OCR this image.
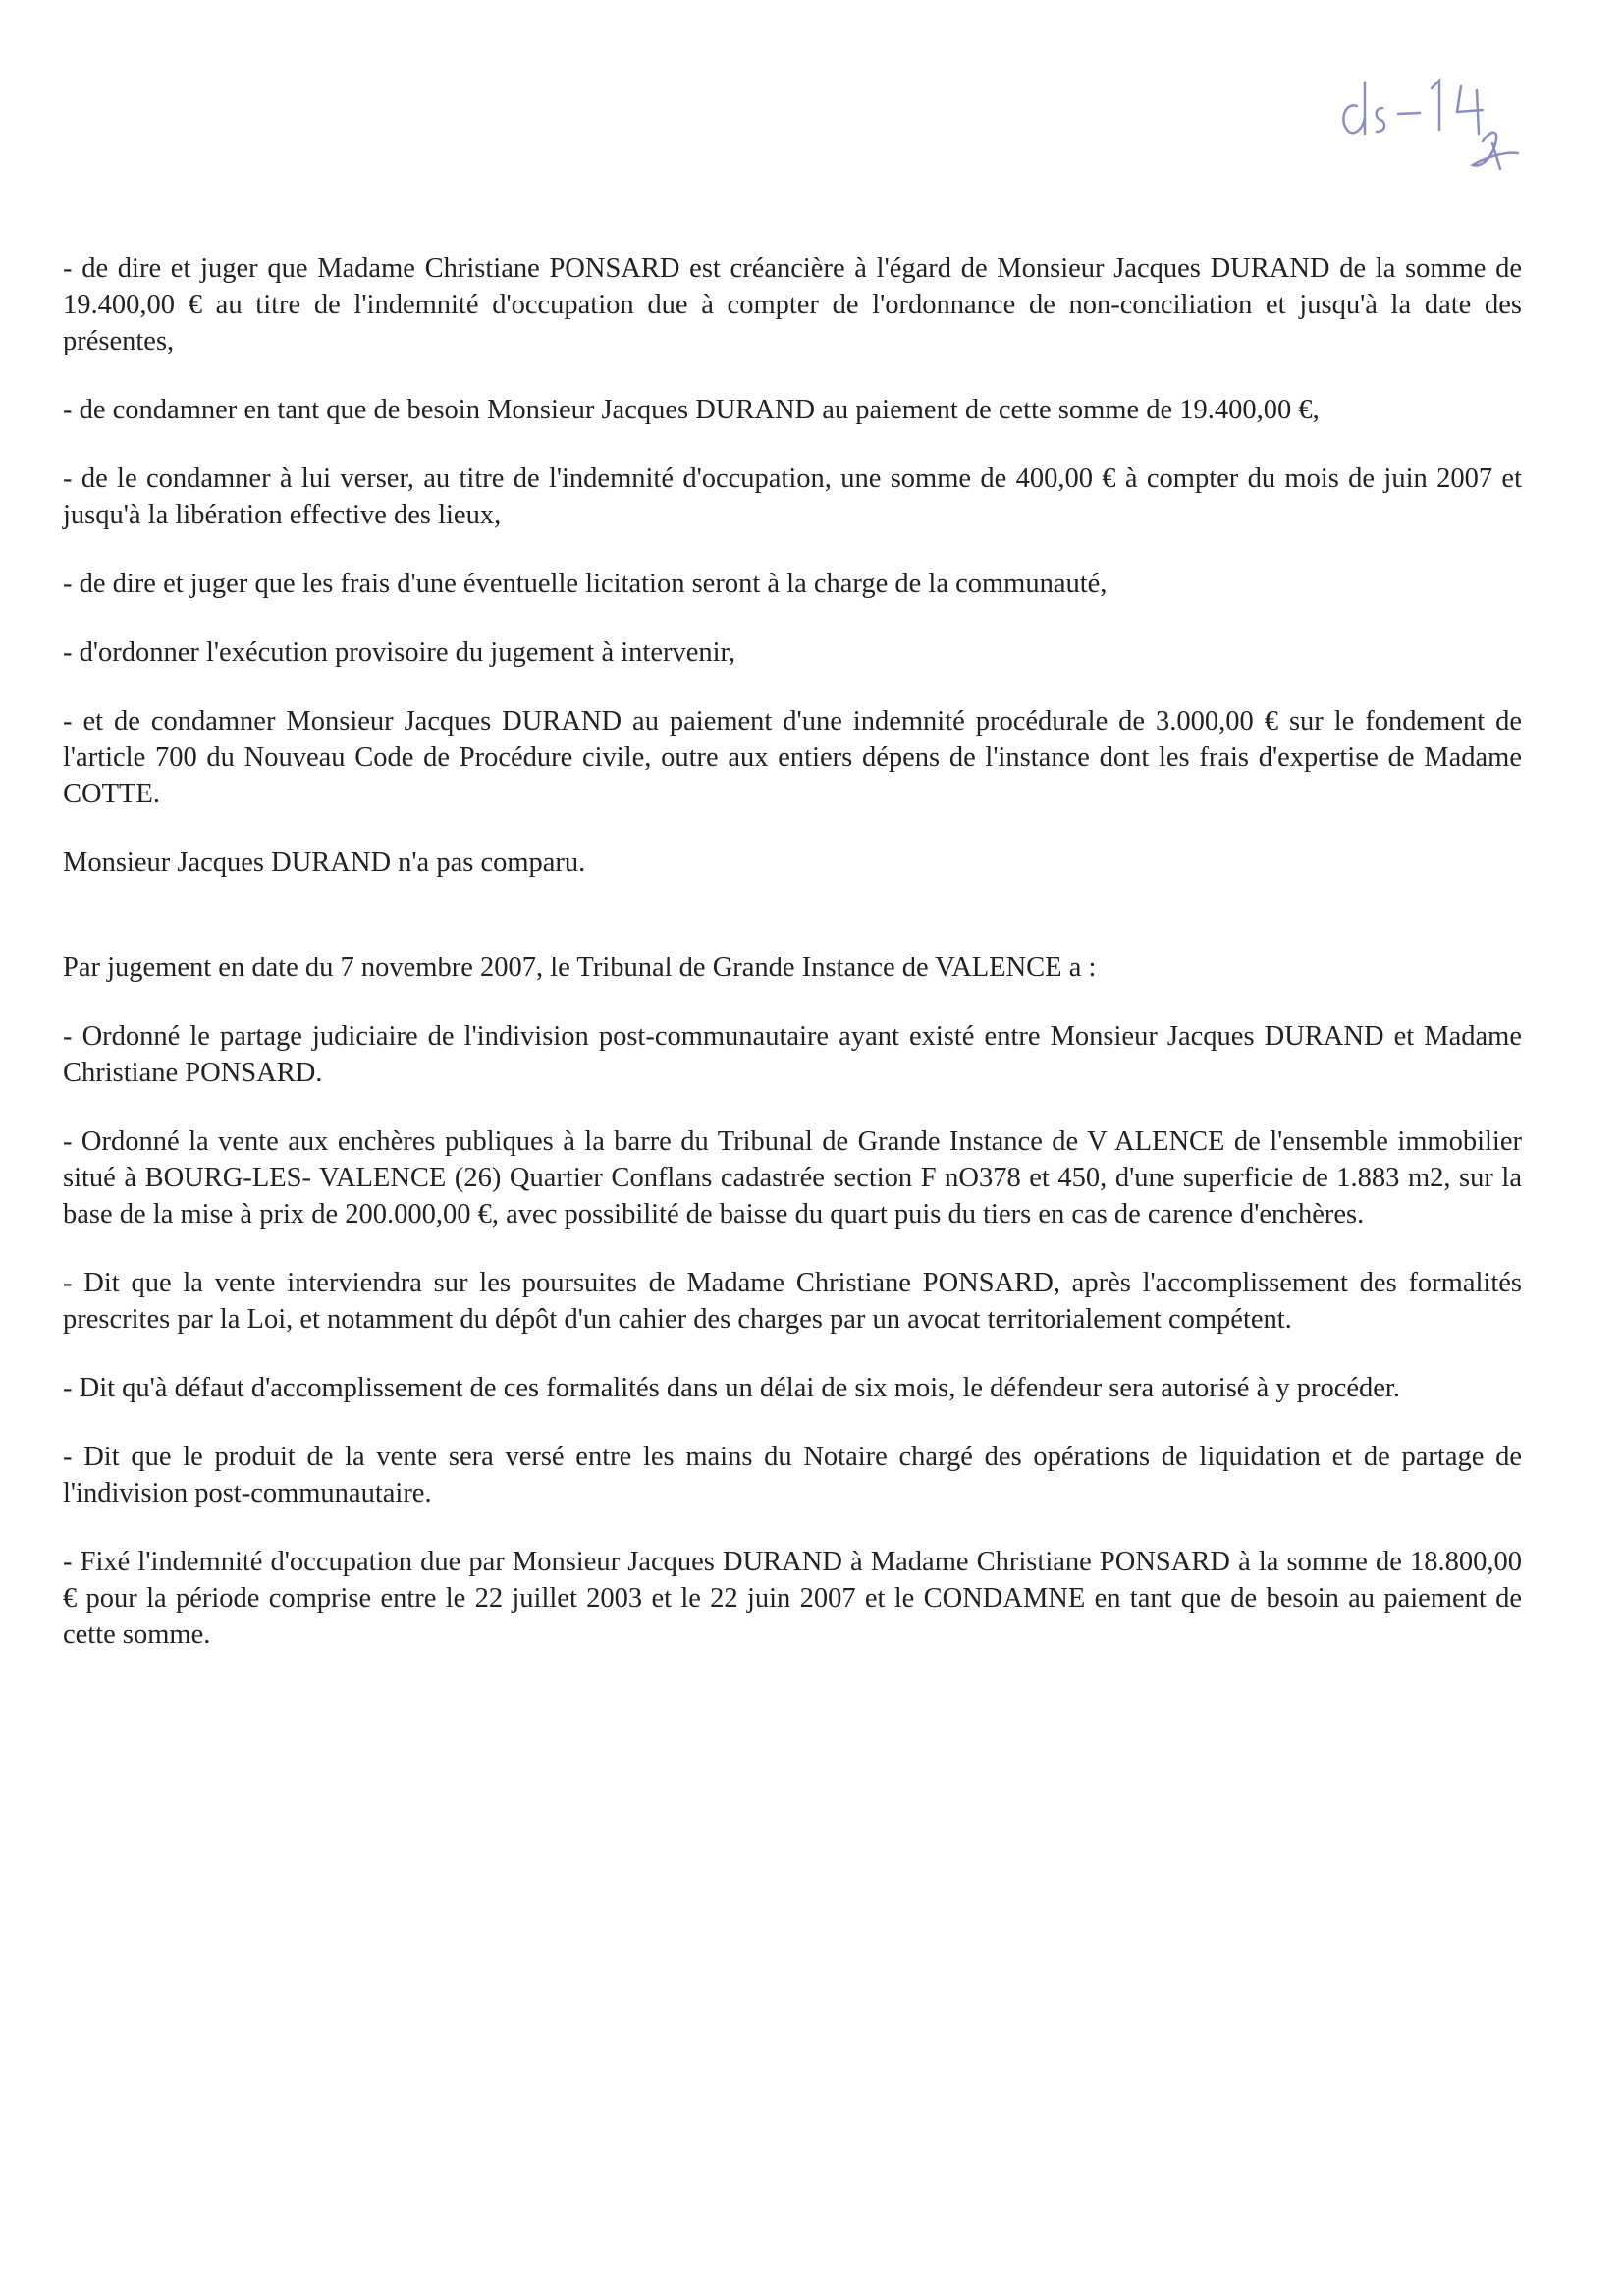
- de dire et juger que Madame Christiane PONSARD est créancière à l'égard de Monsieur Jacques DURAND de la somme de 19.400,00 € au titre de l'indemnité d'occupation due à compter de l'ordonnance de non-conciliation et jusqu'à la date des présentes,

- de condamner en tant que de besoin Monsieur Jacques DURAND au paiement de cette somme de 19.400,00 €,

- de le condamner à lui verser, au titre de l'indemnité d'occupation, une somme de 400,00 € à compter du mois de juin 2007 et jusqu'à la libération effective des lieux,

- de dire et juger que les frais d'une éventuelle licitation seront à la charge de la communauté,

- d'ordonner l'exécution provisoire du jugement à intervenir,

- et de condamner Monsieur Jacques DURAND au paiement d'une indemnité procédurale de 3.000,00 € sur le fondement de l'article 700 du Nouveau Code de Procédure civile, outre aux entiers dépens de l'instance dont les frais d'expertise de Madame COTTE.

Monsieur Jacques DURAND n'a pas comparu.

Par jugement en date du 7 novembre 2007, le Tribunal de Grande Instance de VALENCE a :

- Ordonné le partage judiciaire de l'indivision post-communautaire ayant existé entre Monsieur Jacques DURAND et Madame Christiane PONSARD.

- Ordonné la vente aux enchères publiques à la barre du Tribunal de Grande Instance de V ALENCE de l'ensemble immobilier situé à BOURG-LES- VALENCE (26) Quartier Conflans cadastrée section F nO378 et 450, d'une superficie de 1.883 m2, sur la base de la mise à prix de 200.000,00 €, avec possibilité de baisse du quart puis du tiers en cas de carence d'enchères.

- Dit que la vente interviendra sur les poursuites de Madame Christiane PONSARD, après l'accomplissement des formalités prescrites par la Loi, et notamment du dépôt d'un cahier des charges par un avocat territorialement compétent.

- Dit qu'à défaut d'accomplissement de ces formalités dans un délai de six mois, le défendeur sera autorisé à y procéder.

- Dit que le produit de la vente sera versé entre les mains du Notaire chargé des opérations de liquidation et de partage de l'indivision post-communautaire.

- Fixé l'indemnité d'occupation due par Monsieur Jacques DURAND à Madame Christiane PONSARD à la somme de 18.800,00 € pour la période comprise entre le 22 juillet 2003 et le 22 juin 2007 et le CONDAMNE en tant que de besoin au paiement de cette somme.
